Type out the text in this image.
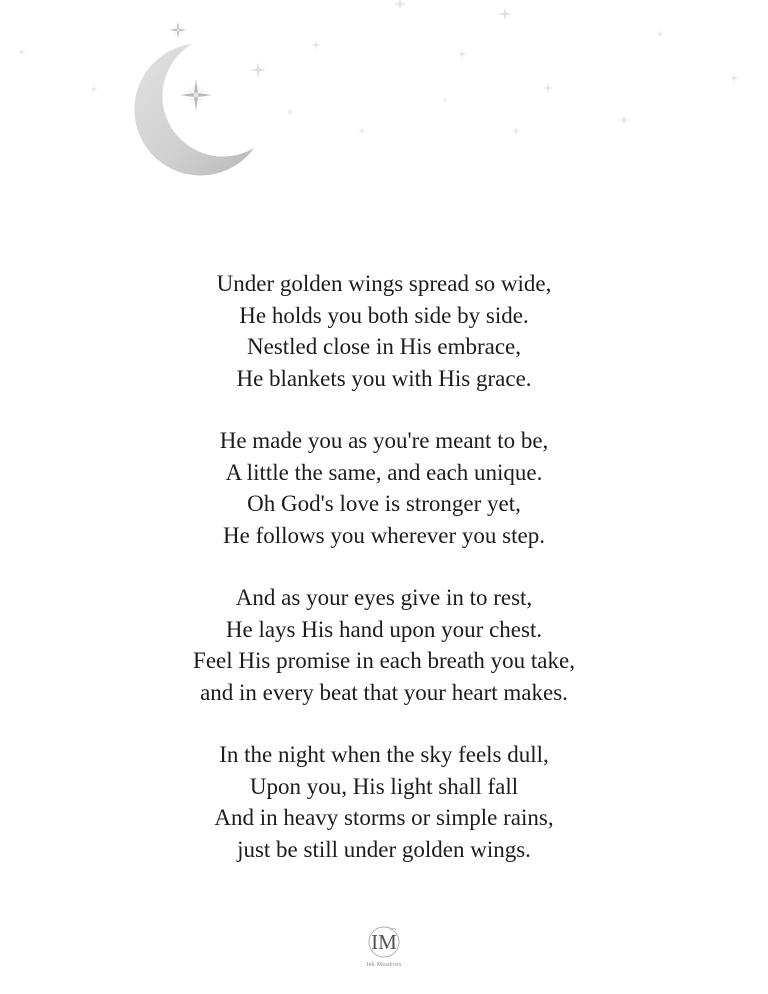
Under golden wings spread so wide,
He holds you both side by side.
Nestled close in His embrace,
He blankets you with His grace.
He made you as you're meant to be,
A little the same, and each unique.
Oh God's love is stronger yet,
He follows you wherever you step.
And as your eyes give in to rest,
He lays His hand upon your chest.
Feel His promise in each breath you take,
and in every beat that your heart makes.
In the night when the sky feels dull,
Upon you, His light shall fall
And in heavy storms or simple rains,
just be still under golden wings.
IM
Ink Meadows
